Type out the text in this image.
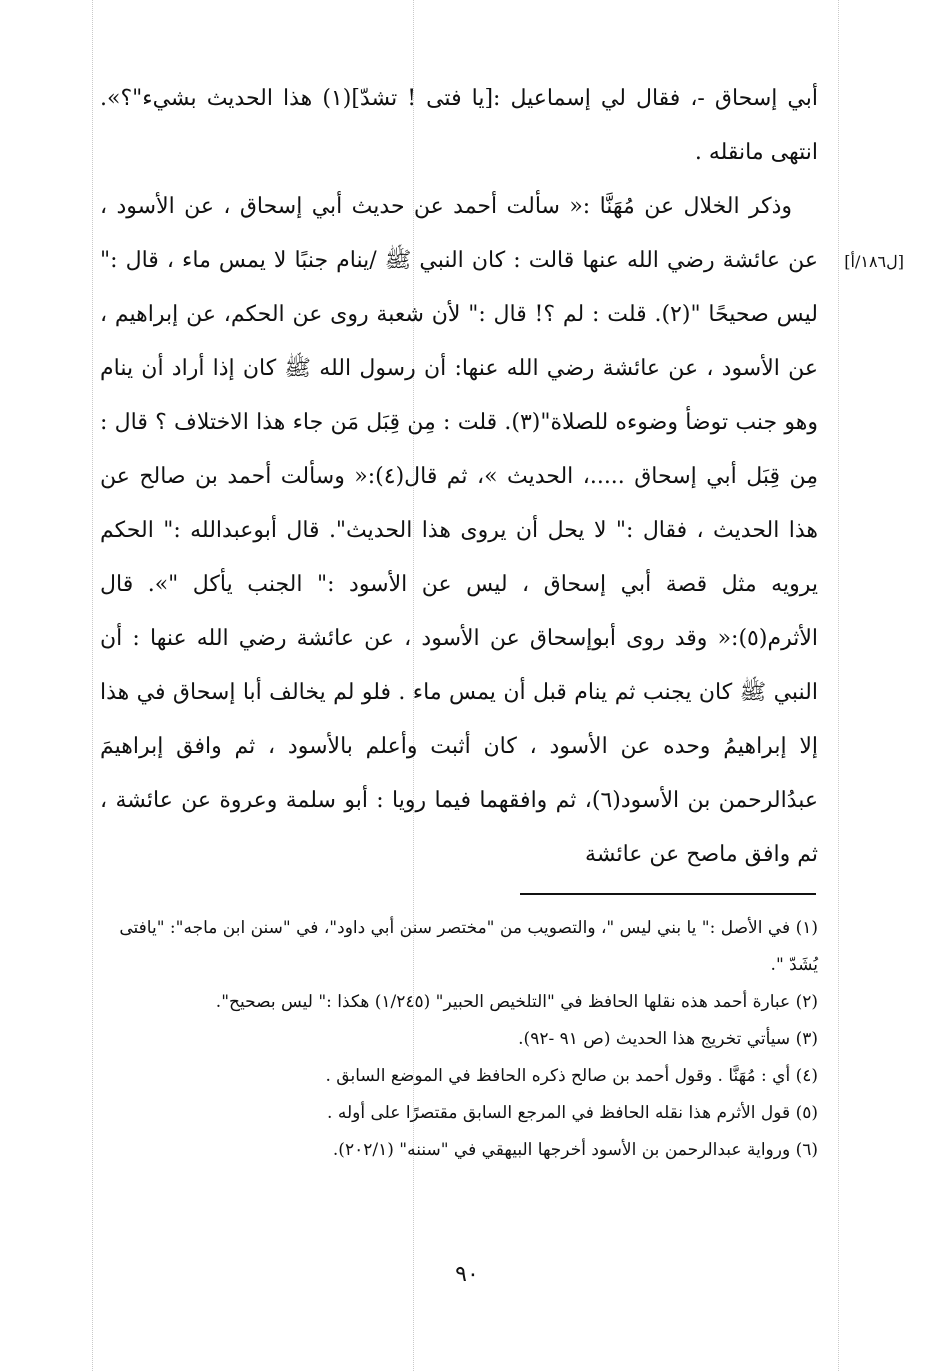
أبي إسحاق -، فقال لي إسماعيل :[يا فتى ! تشدّ](١) هذا الحديث بشيء"؟». انتهى مانقله .

وذكر الخلال عن مُهَنَّا :« سألت أحمد عن حديث أبي إسحاق ، عن الأسود ، عن عائشة رضي الله عنها قالت : كان النبي ﷺ /ينام جنبًا لا يمس ماء ، قال :" ليس صحيحًا "(٢). قلت : لم ؟! قال :" لأن شعبة روى عن الحكم، عن إبراهيم ، عن الأسود ، عن عائشة رضي الله عنها: أن رسول الله ﷺ كان إذا أراد أن ينام وهو جنب توضأ وضوءه للصلاة"(٣). قلت : مِن قِبَل مَن جاء هذا الاختلاف ؟ قال : مِن قِبَل أبي إسحاق .....، الحديث »، ثم قال(٤):« وسألت أحمد بن صالح عن هذا الحديث ، فقال :" لا يحل أن يروى هذا الحديث". قال أبوعبدالله :" الحكم يرويه مثل قصة أبي إسحاق ، ليس عن الأسود :" الجنب يأكل "». قال الأثرم(٥):« وقد روى أبوإسحاق عن الأسود ، عن عائشة رضي الله عنها : أن النبي ﷺ كان يجنب ثم ينام قبل أن يمس ماء . فلو لم يخالف أبا إسحاق في هذا إلا إبراهيمُ وحده عن الأسود ، كان أثبت وأعلم بالأسود ، ثم وافق إبراهيمَ عبدُالرحمن بن الأسود(٦)، ثم وافقهما فيما رويا : أبو سلمة وعروة عن عائشة ، ثم وافق ماصح عن عائشة

[ل١٨٦/أ]

(١) في الأصل :" يا بني ليس "، والتصويب من "مختصر سنن أبي داود"، في "سنن ابن ماجه": "يافتى يُشَدّ ".

(٢) عبارة أحمد هذه نقلها الحافظ في "التلخيص الحبير" (١/٢٤٥) هكذا :" ليس بصحيح".

(٣) سيأتي تخريج هذا الحديث (ص ٩١ -٩٢).

(٤) أي : مُهَنَّا . وقول أحمد بن صالح ذكره الحافظ في الموضع السابق .

(٥) قول الأثرم هذا نقله الحافظ في المرجع السابق مقتصرًا على أوله .

(٦) ورواية عبدالرحمن بن الأسود أخرجها البيهقي في "سننه" (٢٠٢/١).

٩٠
